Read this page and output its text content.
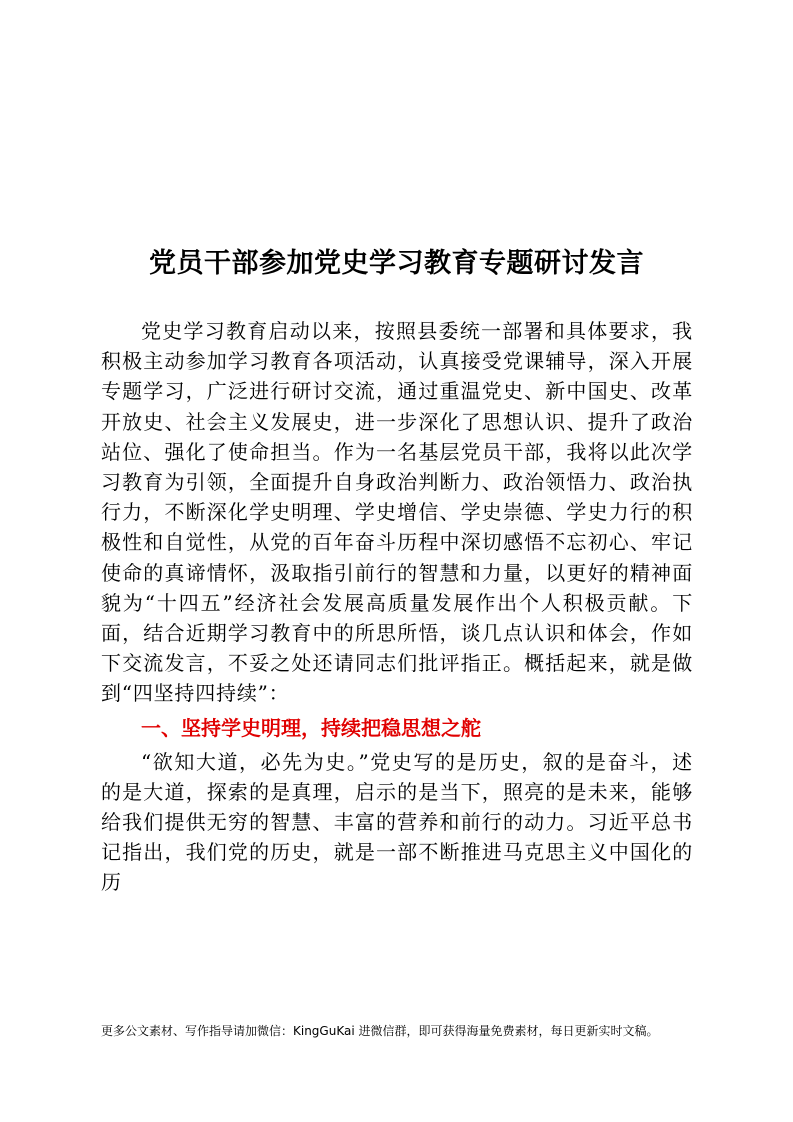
党员干部参加党史学习教育专题研讨发言

党史学习教育启动以来，按照县委统一部署和具体要求，我积极主动参加学习教育各项活动，认真接受党课辅导，深入开展专题学习，广泛进行研讨交流，通过重温党史、新中国史、改革开放史、社会主义发展史，进一步深化了思想认识、提升了政治站位、强化了使命担当。作为一名基层党员干部，我将以此次学习教育为引领，全面提升自身政治判断力、政治领悟力、政治执行力，不断深化学史明理、学史增信、学史崇德、学史力行的积极性和自觉性，从党的百年奋斗历程中深切感悟不忘初心、牢记使命的真谛情怀，汲取指引前行的智慧和力量，以更好的精神面貌为“十四五”经济社会发展高质量发展作出个人积极贡献。下面，结合近期学习教育中的所思所悟，谈几点认识和体会，作如下交流发言，不妥之处还请同志们批评指正。概括起来，就是做到“四坚持四持续”：

一、坚持学史明理，持续把稳思想之舵

“欲知大道，必先为史。”党史写的是历史，叙的是奋斗，述的是大道，探索的是真理，启示的是当下，照亮的是未来，能够给我们提供无穷的智慧、丰富的营养和前行的动力。习近平总书记指出，我们党的历史，就是一部不断推进马克思主义中国化的历

更多公文素材、写作指导请加微信：KingGuKai 进微信群，即可获得海量免费素材，每日更新实时文稿。
